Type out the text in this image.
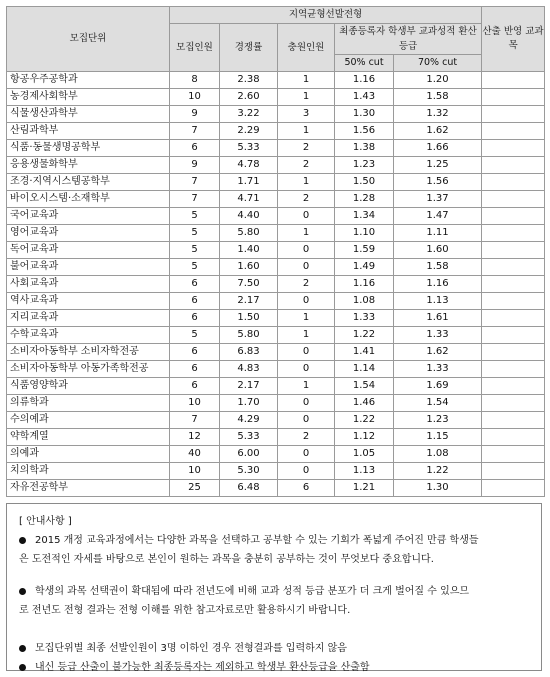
모집단위	지역균형선발전형					산출 반영 교과목
	모집인원	경쟁률	충원인원	최종등록자 학생부 교과성적 환산등급		
				50% cut	70% cut	
항공우주공학과	8	2.38	1	1.16	1.20	
농경제사회학부	10	2.60	1	1.43	1.58	
식물생산과학부	9	3.22	3	1.30	1.32	
산림과학부	7	2.29	1	1.56	1.62	
식품·동물생명공학부	6	5.33	2	1.38	1.66	
응용생물화학부	9	4.78	2	1.23	1.25	
조경·지역시스템공학부	7	1.71	1	1.50	1.56	
바이오시스템·소재학부	7	4.71	2	1.28	1.37	
국어교육과	5	4.40	0	1.34	1.47	
영어교육과	5	5.80	1	1.10	1.11	
독어교육과	5	1.40	0	1.59	1.60	
불어교육과	5	1.60	0	1.49	1.58	
사회교육과	6	7.50	2	1.16	1.16	
역사교육과	6	2.17	0	1.08	1.13	
지리교육과	6	1.50	1	1.33	1.61	
수학교육과	5	5.80	1	1.22	1.33	
소비자아동학부 소비자학전공	6	6.83	0	1.41	1.62	
소비자아동학부 아동가족학전공	6	4.83	0	1.14	1.33	
식품영양학과	6	2.17	1	1.54	1.69	
의류학과	10	1.70	0	1.46	1.54	
수의예과	7	4.29	0	1.22	1.23	
약학계열	12	5.33	2	1.12	1.15	
의예과	40	6.00	0	1.05	1.08	
치의학과	10	5.30	0	1.13	1.22	
자유전공학부	25	6.48	6	1.21	1.30	
[ 안내사항 ]
2015 개정 교육과정에서는 다양한 과목을 선택하고 공부할 수 있는 기회가 폭넓게 주어진 만큼 학생들
은 도전적인 자세를 바탕으로 본인이 원하는 과목을 충분히 공부하는 것이 무엇보다 중요합니다.
학생의 과목 선택권이 확대됨에 따라 전년도에 비해 교과 성적 등급 분포가 더 크게 벌어질 수 있으므
로 전년도 전형 결과는 전형 이해를 위한 참고자료로만 활용하시기 바랍니다.
모집단위별 최종 선발인원이 3명 이하인 경우 전형결과를 입력하지 않음
내신 등급 산출이 불가능한 최종등록자는 제외하고 학생부 환산등급을 산출함
